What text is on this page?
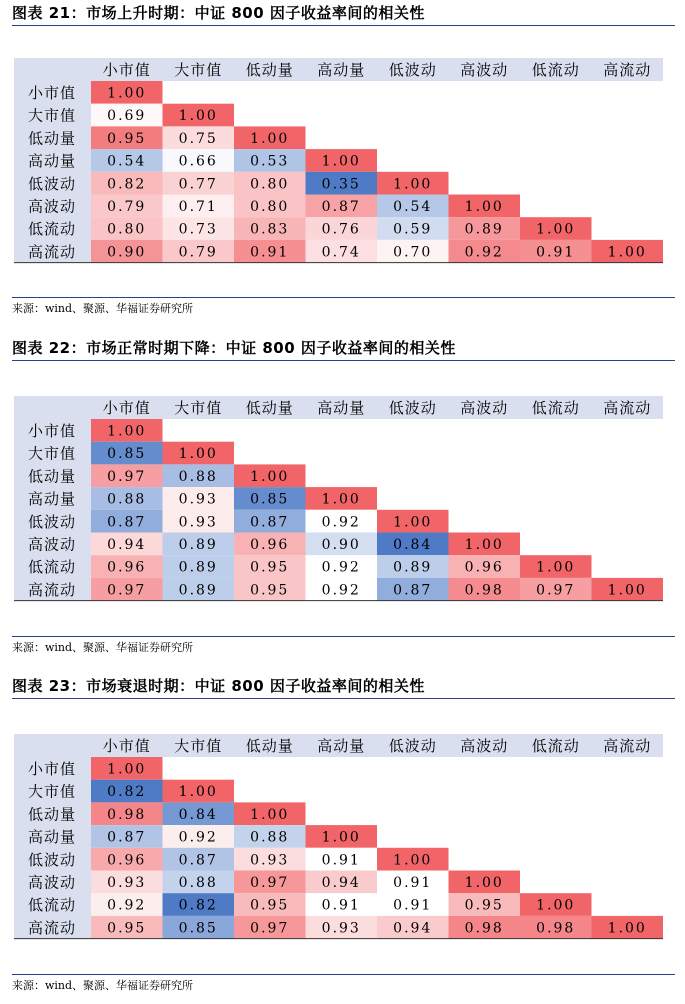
图表 21：市场上升时期：中证 800 因子收益率间的相关性
小市值 大市值 低动量 高动量 低波动 高波动 低流动 高流动
小市值 1.00
大市值 0.69 1.00
低动量 0.95 0.75 1.00
高动量 0.54 0.66 0.53 1.00
低波动 0.82 0.77 0.80 0.35 1.00
高波动 0.79 0.71 0.80 0.87 0.54 1.00
低流动 0.80 0.73 0.83 0.76 0.59 0.89 1.00
高流动 0.90 0.79 0.91 0.74 0.70 0.92 0.91 1.00
来源：wind、聚源、华福证券研究所
图表 22：市场正常时期下降：中证 800 因子收益率间的相关性
小市值 大市值 低动量 高动量 低波动 高波动 低流动 高流动
小市值 1.00
大市值 0.85 1.00
低动量 0.97 0.88 1.00
高动量 0.88 0.93 0.85 1.00
低波动 0.87 0.93 0.87 0.92 1.00
高波动 0.94 0.89 0.96 0.90 0.84 1.00
低流动 0.96 0.89 0.95 0.92 0.89 0.96 1.00
高流动 0.97 0.89 0.95 0.92 0.87 0.98 0.97 1.00
来源：wind、聚源、华福证券研究所
图表 23：市场衰退时期：中证 800 因子收益率间的相关性
小市值 大市值 低动量 高动量 低波动 高波动 低流动 高流动
小市值 1.00
大市值 0.82 1.00
低动量 0.98 0.84 1.00
高动量 0.87 0.92 0.88 1.00
低波动 0.96 0.87 0.93 0.91 1.00
高波动 0.93 0.88 0.97 0.94 0.91 1.00
低流动 0.92 0.82 0.95 0.91 0.91 0.95 1.00
高流动 0.95 0.85 0.97 0.93 0.94 0.98 0.98 1.00
来源：wind、聚源、华福证券研究所
